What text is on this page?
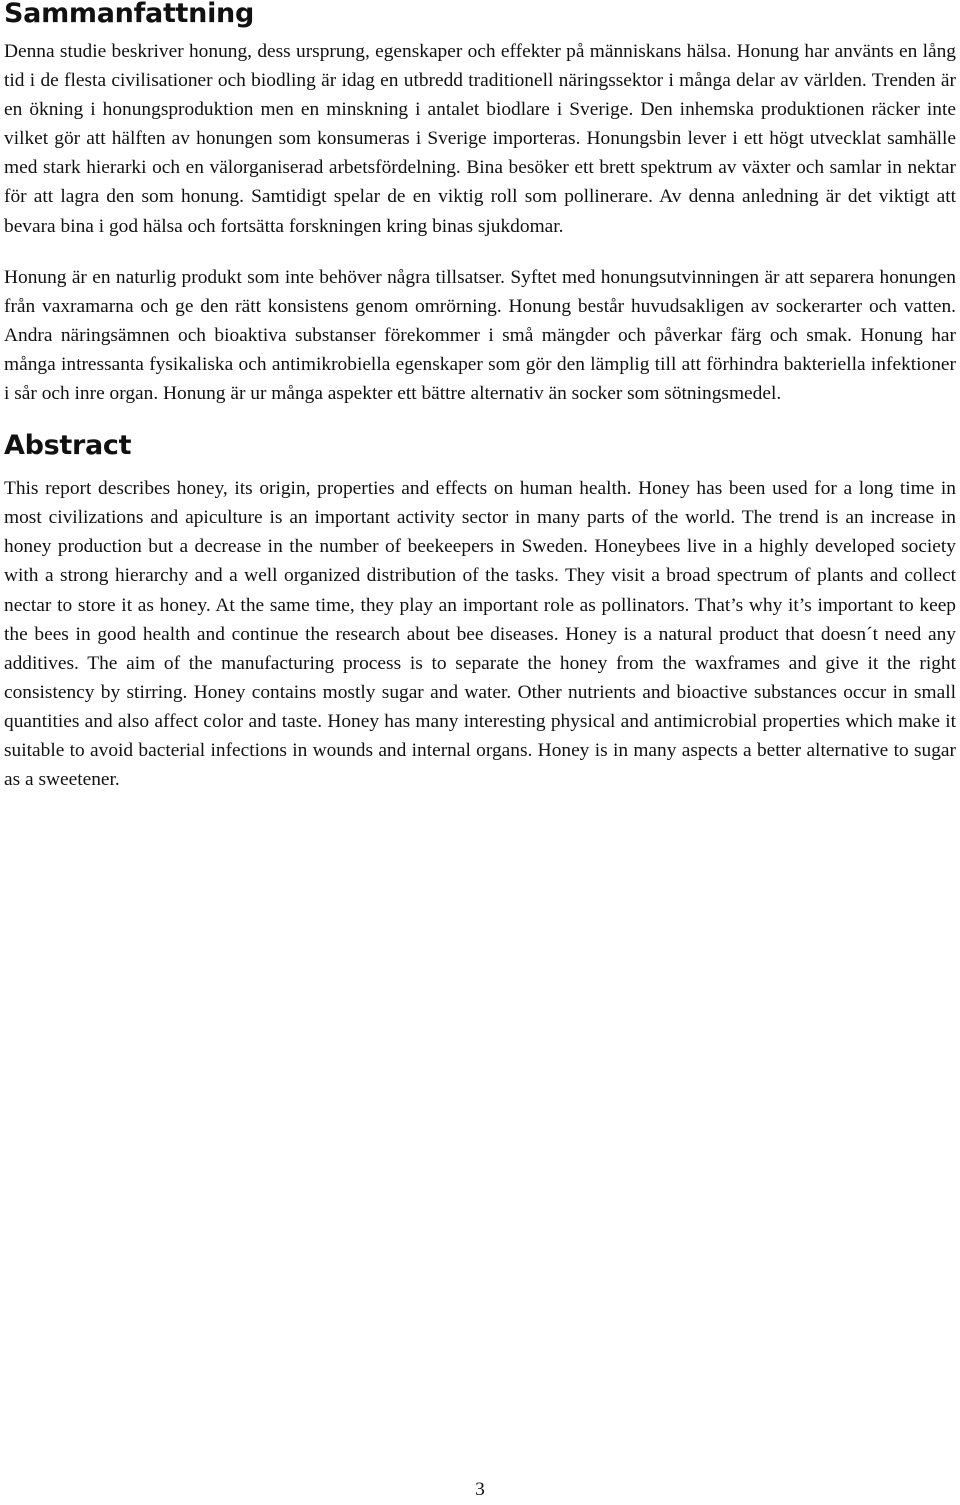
Sammanfattning

Denna studie beskriver honung, dess ursprung, egenskaper och effekter på människans hälsa. Honung har använts en lång tid i de flesta civilisationer och biodling är idag en utbredd traditionell näringssektor i många delar av världen. Trenden är en ökning i honungsproduktion men en minskning i antalet biodlare i Sverige. Den inhemska produktionen räcker inte vilket gör att hälften av honungen som konsumeras i Sverige importeras. Honungsbin lever i ett högt utvecklat samhälle med stark hierarki och en välorganiserad arbetsfördelning. Bina besöker ett brett spektrum av växter och samlar in nektar för att lagra den som honung. Samtidigt spelar de en viktig roll som pollinerare. Av denna anledning är det viktigt att bevara bina i god hälsa och fortsätta forskningen kring binas sjukdomar.

Honung är en naturlig produkt som inte behöver några tillsatser. Syftet med honungsutvinningen är att separera honungen från vaxramarna och ge den rätt konsistens genom omrörning. Honung består huvudsakligen av sockerarter och vatten. Andra näringsämnen och bioaktiva substanser förekommer i små mängder och påverkar färg och smak. Honung har många intressanta fysikaliska och antimikrobiella egenskaper som gör den lämplig till att förhindra bakteriella infektioner i sår och inre organ. Honung är ur många aspekter ett bättre alternativ än socker som sötningsmedel.

Abstract

This report describes honey, its origin, properties and effects on human health. Honey has been used for a long time in most civilizations and apiculture is an important activity sector in many parts of the world. The trend is an increase in honey production but a decrease in the number of beekeepers in Sweden. Honeybees live in a highly developed society with a strong hierarchy and a well organized distribution of the tasks. They visit a broad spectrum of plants and collect nectar to store it as honey. At the same time, they play an important role as pollinators. That’s why it’s important to keep the bees in good health and continue the research about bee diseases. Honey is a natural product that doesn´t need any additives. The aim of the manufacturing process is to separate the honey from the waxframes and give it the right consistency by stirring. Honey contains mostly sugar and water. Other nutrients and bioactive substances occur in small quantities and also affect color and taste. Honey has many interesting physical and antimicrobial properties which make it suitable to avoid bacterial infections in wounds and internal organs. Honey is in many aspects a better alternative to sugar as a sweetener.

3
